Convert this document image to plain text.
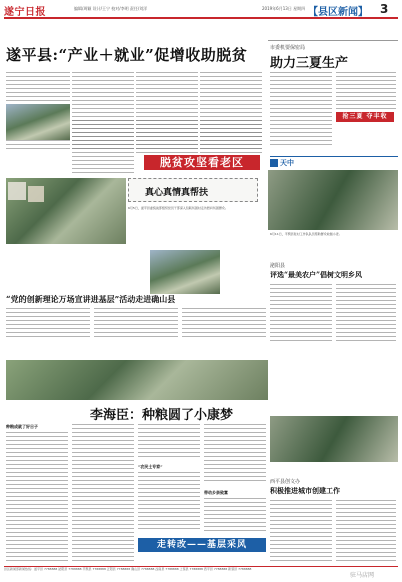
遂宁日报	编辑/周颖 设计/王宁 校对/李明 责任/刘洋	2019年6月13日 星期四 【县区新闻】 3
遂平县:“产业＋就业”促增收助脱贫
脱贫攻坚看老区
市委机要保密局
助力三夏生产
抢三夏 夺丰收
天中
真心真情真帮扶
6月5日，遂平县委统战部组织党员干部深入包联贫困村走访慰问贫困群众。
6月11日，平舆县驻村工作队队员帮助群众收割小麦。
“党的创新理论万场宣讲进基层”活动走进确山县
泌阳县
评选“最美农户”倡树文明乡风
李海臣：种粮圆了小康梦
种粮成就了好日子
“农民土专家”
带动乡亲致富
走转改——基层采风
西平县创文办
积极推进城市创建工作
县区新闻部新闻热线：遂平县 7788888 泌阳县 7788888 平舆县 7788888 正阳县 7788888 确山县 7788888 汝南县 7788888 上蔡县 7788888 西平县 7788888 新蔡县 7788888
驻马店网
